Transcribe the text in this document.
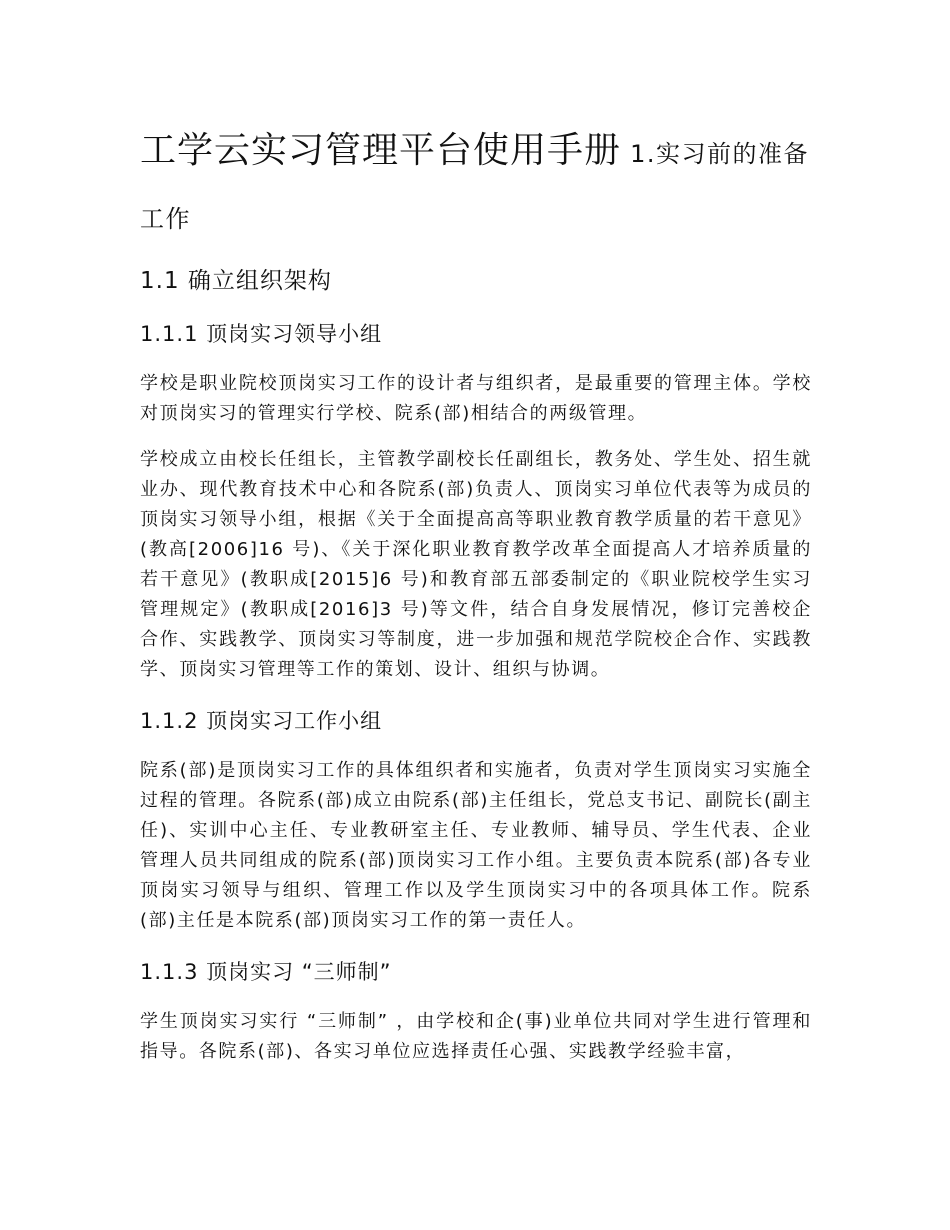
工学云实习管理平台使用手册 1.实习前的准备工作
1.1 确立组织架构
1.1.1 顶岗实习领导小组

学校是职业院校顶岗实习工作的设计者与组织者，是最重要的管理主体。学校对顶岗实习的管理实行学校、院系(部)相结合的两级管理。

学校成立由校长任组长，主管教学副校长任副组长，教务处、学生处、招生就业办、现代教育技术中心和各院系(部)负责人、顶岗实习单位代表等为成员的顶岗实习领导小组，根据《关于全面提高高等职业教育教学质量的若干意见》(教高[2006]16 号)、《关于深化职业教育教学改革全面提高人才培养质量的若干意见》(教职成[2015]6 号)和教育部五部委制定的《职业院校学生实习管理规定》(教职成[2016]3 号)等文件，结合自身发展情况，修订完善校企合作、实践教学、顶岗实习等制度，进一步加强和规范学院校企合作、实践教学、顶岗实习管理等工作的策划、设计、组织与协调。

1.1.2 顶岗实习工作小组

院系(部)是顶岗实习工作的具体组织者和实施者，负责对学生顶岗实习实施全过程的管理。各院系(部)成立由院系(部)主任组长，党总支书记、副院长(副主任)、实训中心主任、专业教研室主任、专业教师、辅导员、学生代表、企业管理人员共同组成的院系(部)顶岗实习工作小组。主要负责本院系(部)各专业顶岗实习领导与组织、管理工作以及学生顶岗实习中的各项具体工作。院系(部)主任是本院系(部)顶岗实习工作的第一责任人。

1.1.3 顶岗实习 “三师制”

学生顶岗实习实行 “三师制” ，由学校和企(事)业单位共同对学生进行管理和指导。各院系(部)、各实习单位应选择责任心强、实践教学经验丰富，
